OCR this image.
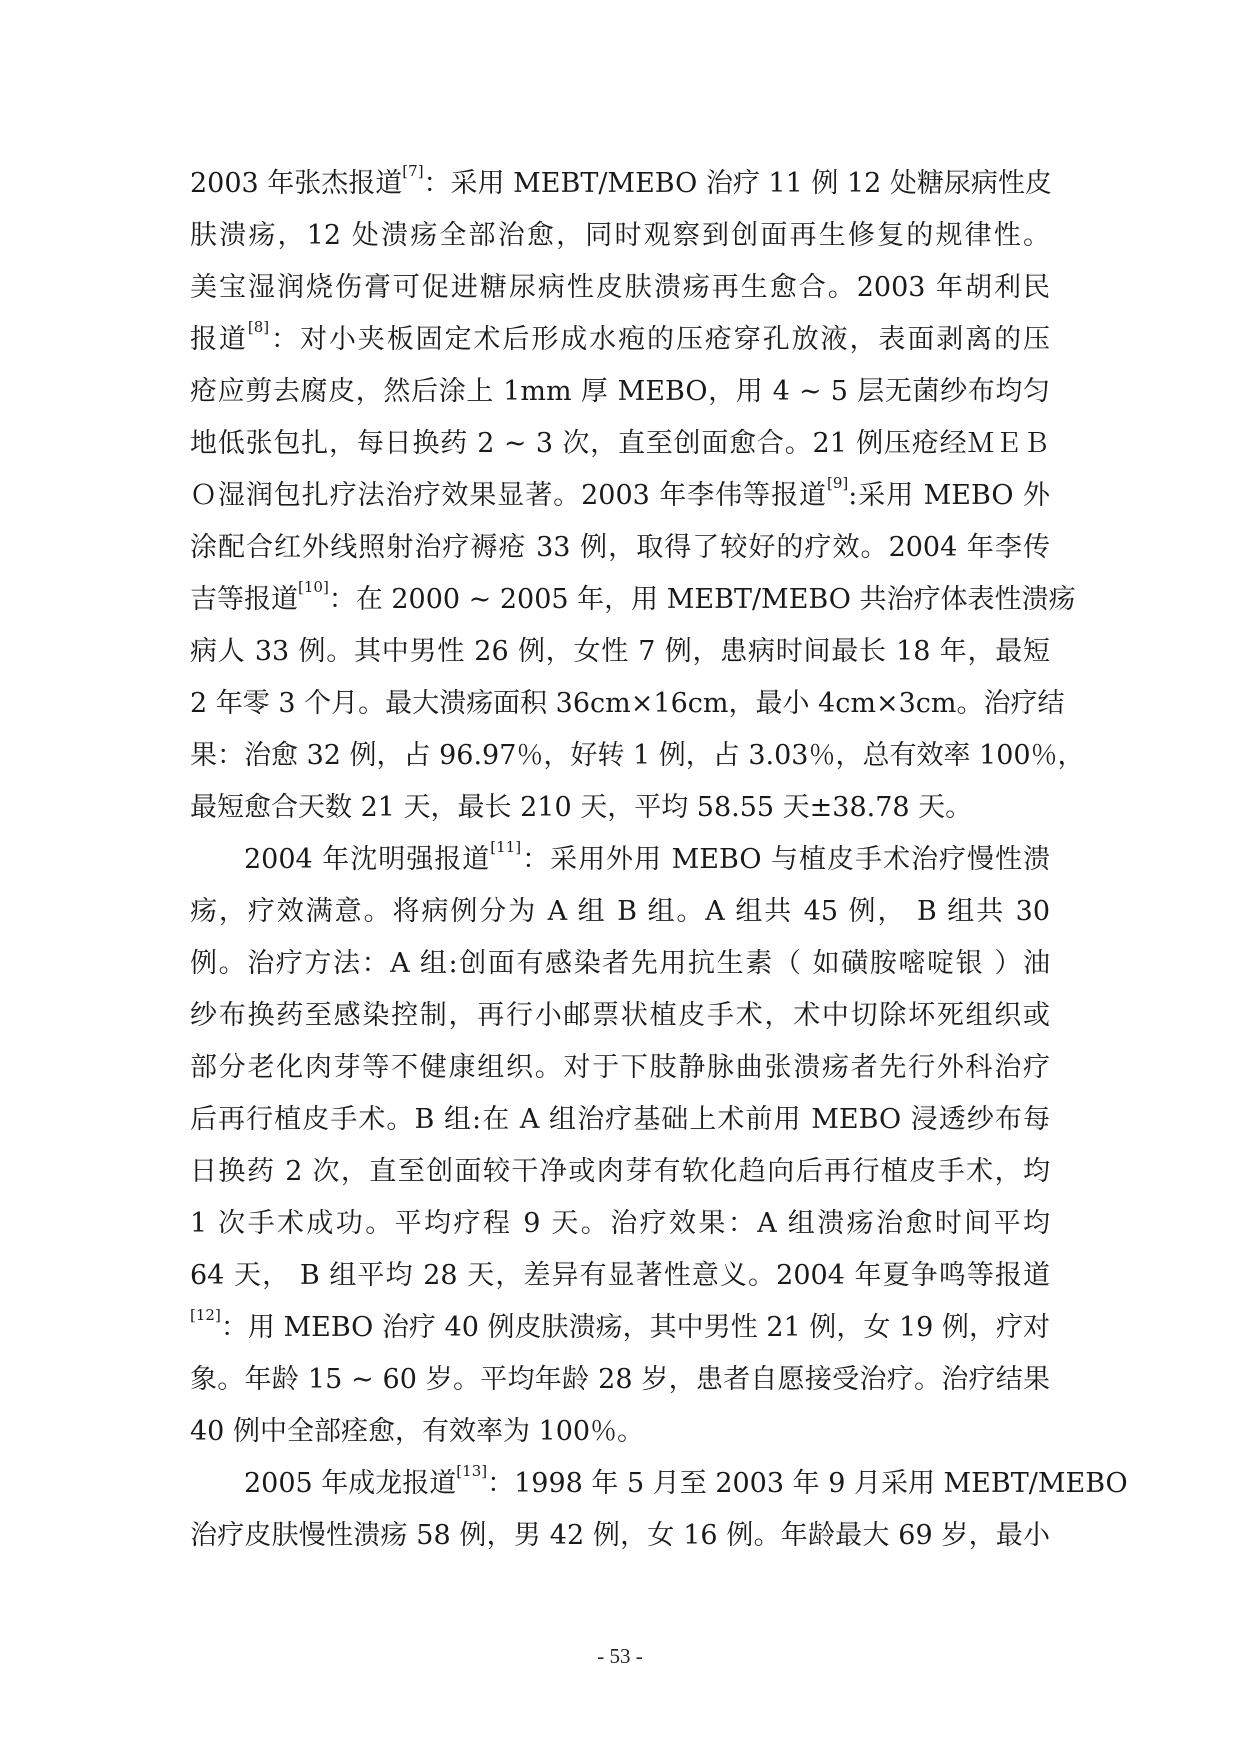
2003 年张杰报道[7]：采用 MEBT/MEBO 治疗 11 例 12 处糖尿病性皮
肤溃疡，12 处溃疡全部治愈，同时观察到创面再生修复的规律性。
美宝湿润烧伤膏可促进糖尿病性皮肤溃疡再生愈合。2003 年胡利民
报道[8]：对小夹板固定术后形成水疱的压疮穿孔放液，表面剥离的压
疮应剪去腐皮，然后涂上 1mm 厚 MEBO，用 4 ~ 5 层无菌纱布均匀
地低张包扎，每日换药 2 ~ 3 次，直至创面愈合。21 例压疮经ＭＥＢ
Ｏ湿润包扎疗法治疗效果显著。2003 年李伟等报道[9]:采用 MEBO 外
涂配合红外线照射治疗褥疮 33 例，取得了较好的疗效。2004 年李传
吉等报道[10]：在 2000 ~ 2005 年，用 MEBT/MEBO 共治疗体表性溃疡
病人 33 例。其中男性 26 例，女性 7 例，患病时间最长 18 年，最短
2 年零 3 个月。最大溃疡面积 36cm×16cm，最小 4cm×3cm。治疗结
果：治愈 32 例，占 96.97％，好转 1 例，占 3.03％，总有效率 100％，
最短愈合天数 21 天，最长 210 天，平均 58.55 天±38.78 天。
2004 年沈明强报道[11]：采用外用 MEBO 与植皮手术治疗慢性溃
疡，疗效满意。将病例分为 A 组 B 组。A 组共 45 例， B 组共 30
例。治疗方法：A 组:创面有感染者先用抗生素（ 如磺胺嘧啶银 ）油
纱布换药至感染控制，再行小邮票状植皮手术，术中切除坏死组织或
部分老化肉芽等不健康组织。对于下肢静脉曲张溃疡者先行外科治疗
后再行植皮手术。B 组:在 A 组治疗基础上术前用 MEBO 浸透纱布每
日换药 2 次，直至创面较干净或肉芽有软化趋向后再行植皮手术，均
1 次手术成功。平均疗程 9 天。治疗效果：A 组溃疡治愈时间平均
64 天， B 组平均 28 天，差异有显著性意义。2004 年夏争鸣等报道
[12]：用 MEBO 治疗 40 例皮肤溃疡，其中男性 21 例，女 19 例，疗对
象。年龄 15 ~ 60 岁。平均年龄 28 岁，患者自愿接受治疗。治疗结果
40 例中全部痊愈，有效率为 100％。
2005 年成龙报道[13]：1998 年 5 月至 2003 年 9 月采用 MEBT/MEBO
治疗皮肤慢性溃疡 58 例，男 42 例，女 16 例。年龄最大 69 岁，最小
- 53 -
